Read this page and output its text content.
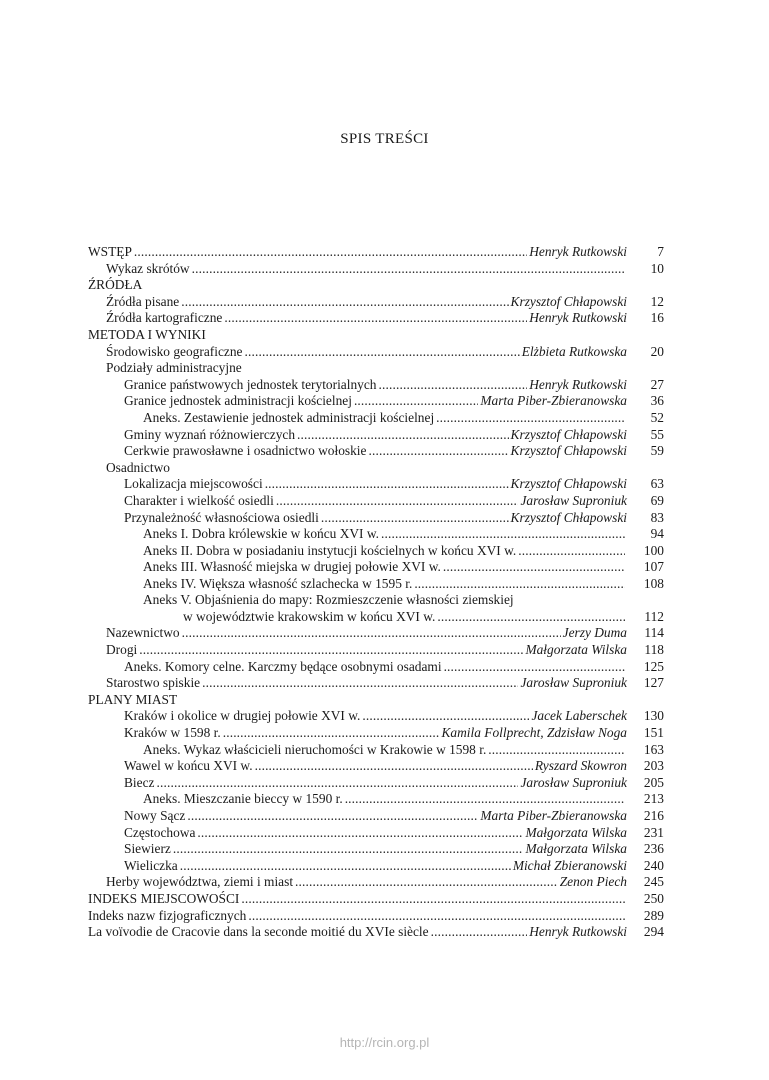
SPIS TREŚCI
WSTĘP . . .	Henryk Rutkowski	7
Wykaz skrótów . . .	10
ŹRÓDŁA
Źródła pisane . . .	Krzysztof Chłapowski	12
Źródła kartograficzne . . .	Henryk Rutkowski	16
METODA I WYNIKI
Środowisko geograficzne . . .	Elżbieta Rutkowska	20
Podziały administracyjne
Granice państwowych jednostek terytorialnych . . .	Henryk Rutkowski	27
Granice jednostek administracji kościelnej . . .	Marta Piber-Zbieranowska	36
Aneks. Zestawienie jednostek administracji kościelnej . . .	52
Gminy wyznań różnowierczych . . .	Krzysztof Chłapowski	55
Cerkwie prawosławne i osadnictwo wołoskie . . .	Krzysztof Chłapowski	59
Osadnictwo
Lokalizacja miejscowości . . .	Krzysztof Chłapowski	63
Charakter i wielkość osiedli . . .	Jarosław Suproniuk	69
Przynależność własnościowa osiedli . . .	Krzysztof Chłapowski	83
Aneks I. Dobra królewskie w końcu XVI w. . . .	94
Aneks II. Dobra w posiadaniu instytucji kościelnych w końcu XVI w. . . .	100
Aneks III. Własność miejska w drugiej połowie XVI w. . . .	107
Aneks IV. Większa własność szlachecka w 1595 r. . . .	108
Aneks V. Objaśnienia do mapy: Rozmieszczenie własności ziemskiej
w województwie krakowskim w końcu XVI w. . . .	112
Nazewnictwo . . .	Jerzy Duma	114
Drogi . . .	Małgorzata Wilska	118
Aneks. Komory celne. Karczmy będące osobnymi osadami . . .	125
Starostwo spiskie . . .	Jarosław Suproniuk	127
PLANY MIAST
Kraków i okolice w drugiej połowie XVI w. . . .	Jacek Laberschek	130
Kraków w 1598 r. . . .	Kamila Follprecht, Zdzisław Noga	151
Aneks. Wykaz właścicieli nieruchomości w Krakowie w 1598 r. . . .	163
Wawel w końcu XVI w. . . .	Ryszard Skowron	203
Biecz . . .	Jarosław Suproniuk	205
Aneks. Mieszczanie bieccy w 1590 r. . . .	213
Nowy Sącz . . .	Marta Piber-Zbieranowska	216
Częstochowa . . .	Małgorzata Wilska	231
Siewierz . . .	Małgorzata Wilska	236
Wieliczka . . .	Michał Zbieranowski	240
Herby województwa, ziemi i miast . . .	Zenon Piech	245
INDEKS MIEJSCOWOŚCI . . .	250
Indeks nazw fizjograficznych . . .	289
La voïvodie de Cracovie dans la seconde moitié du XVIe siècle . . .	Henryk Rutkowski	294
http://rcin.org.pl
